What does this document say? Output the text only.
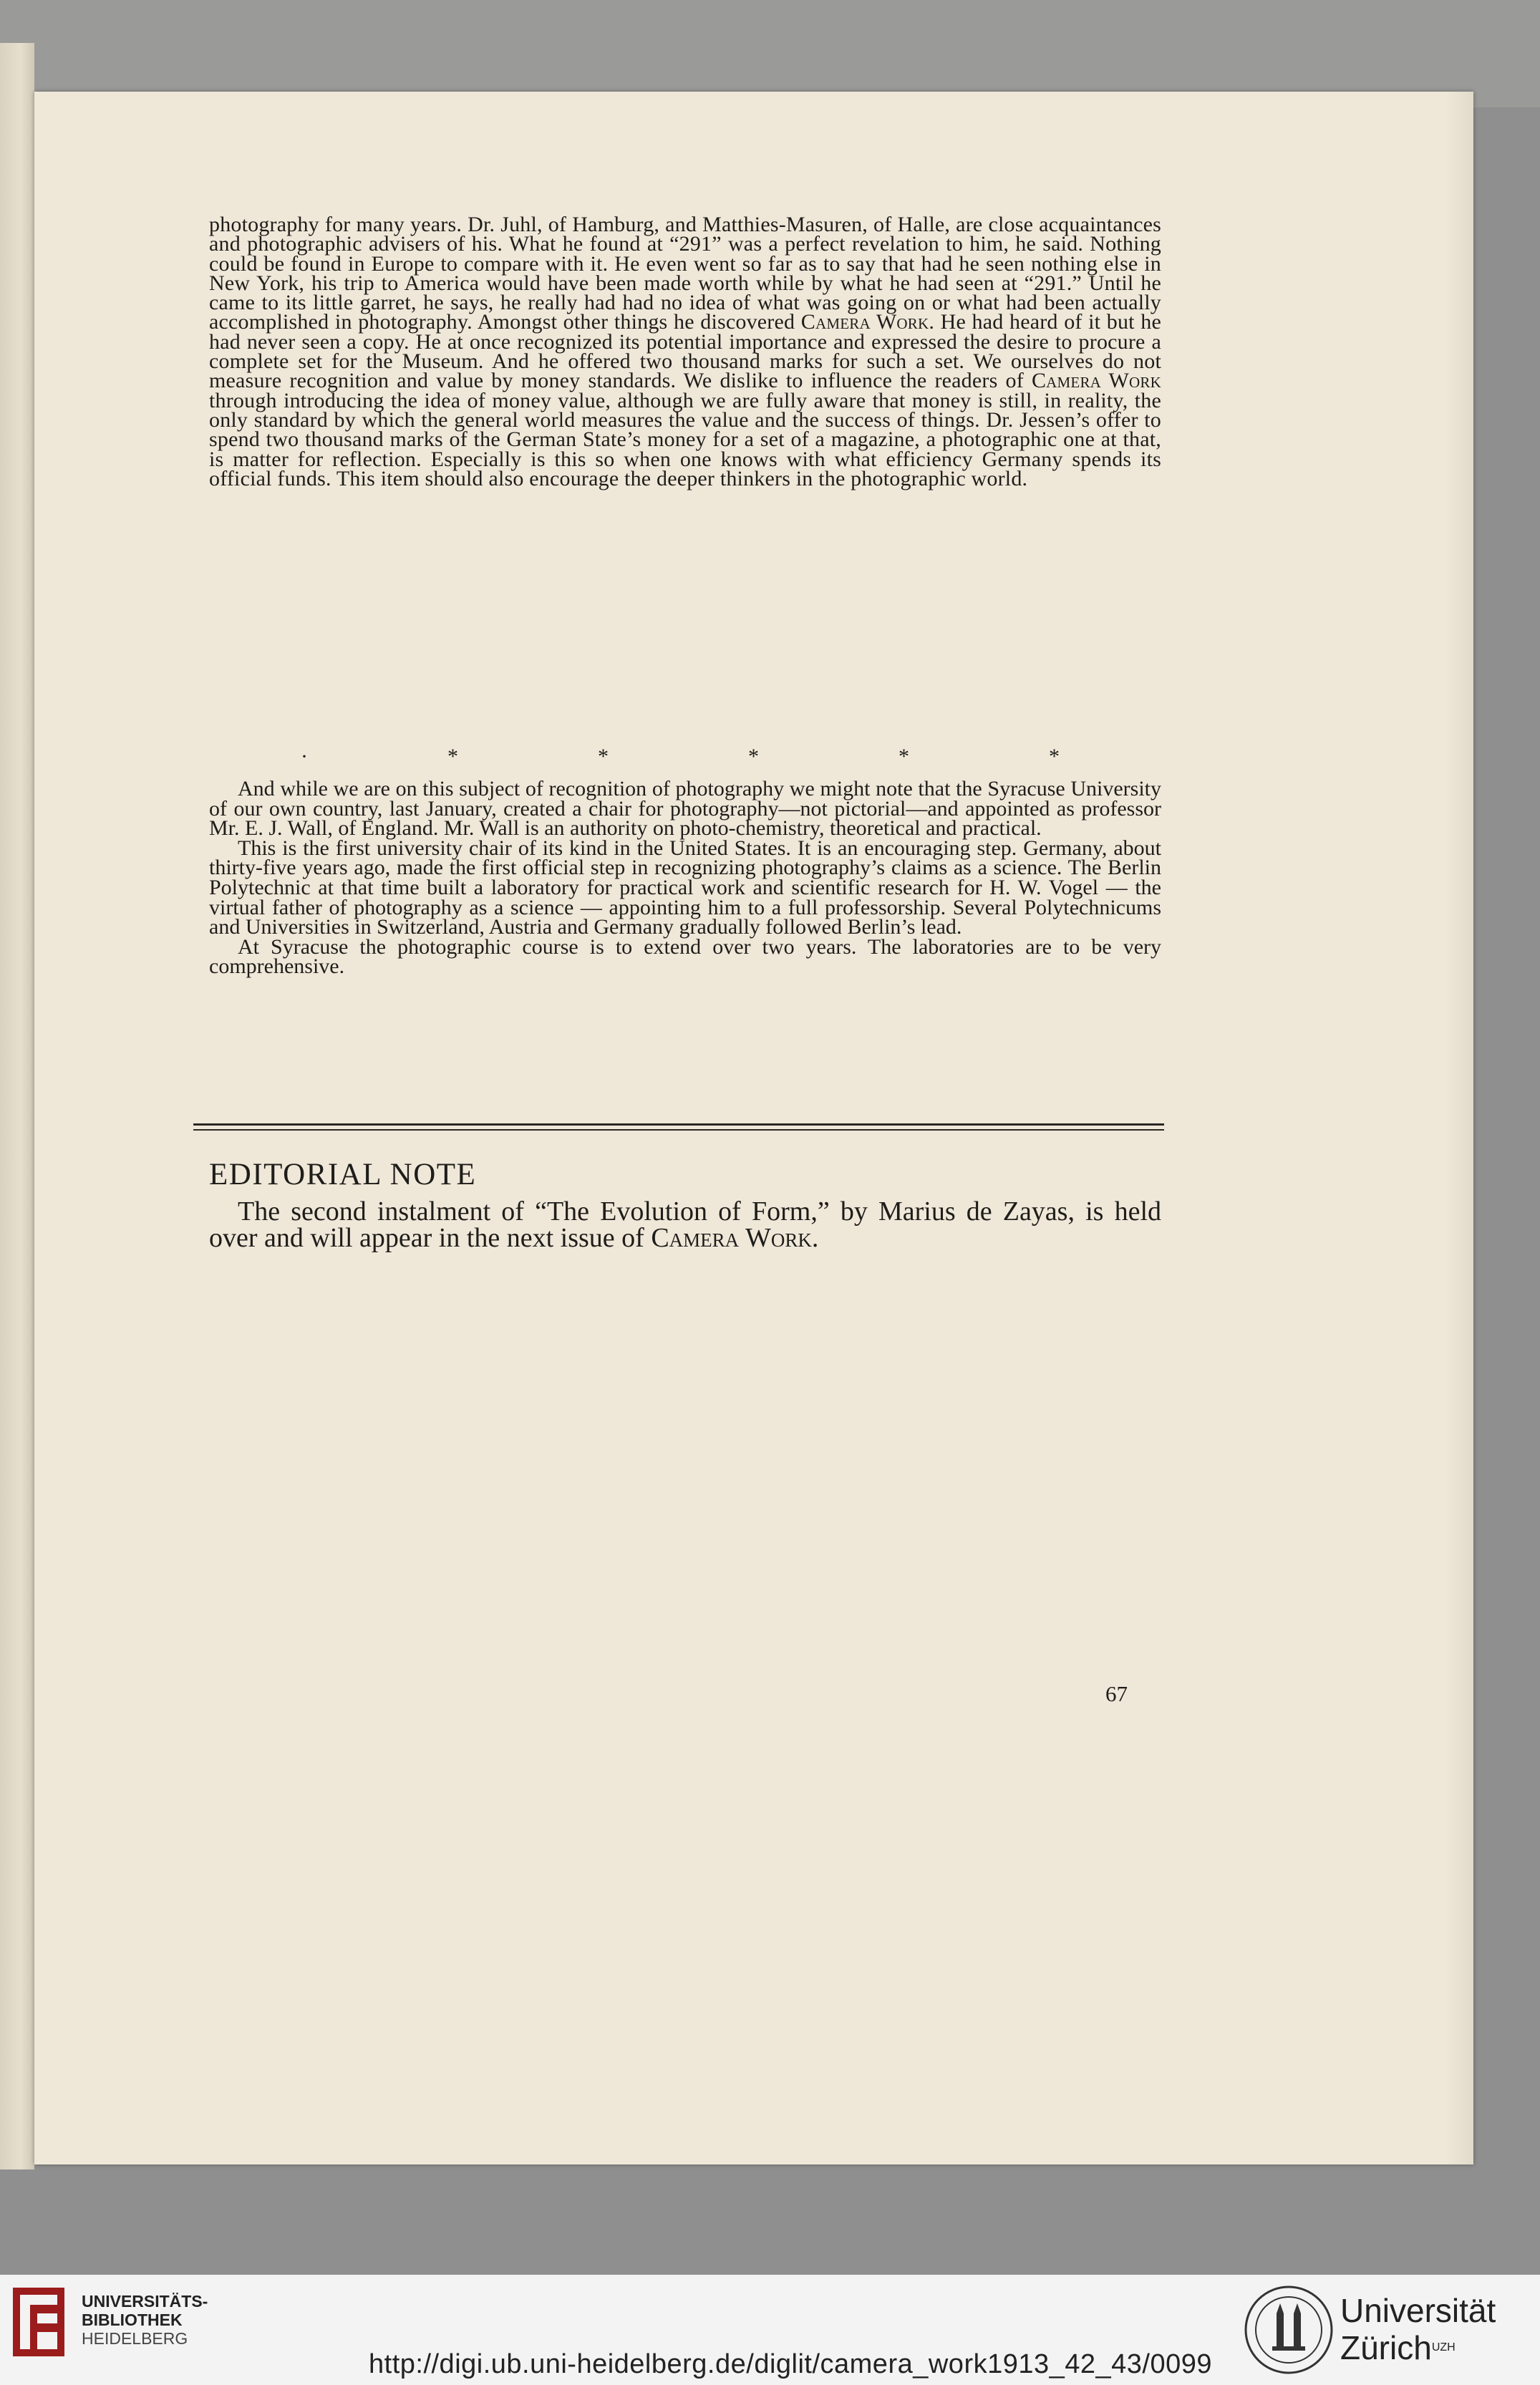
photography for many years. Dr. Juhl, of Hamburg, and Matthies-Masuren, of Halle, are close acquaintances and photographic advisers of his. What he found at “291” was a perfect revelation to him, he said. Nothing could be found in Europe to compare with it. He even went so far as to say that had he seen nothing else in New York, his trip to America would have been made worth while by what he had seen at “291.” Until he came to its little garret, he says, he really had had no idea of what was going on or what had been actually accomplished in photography. Amongst other things he discovered Camera Work. He had heard of it but he had never seen a copy. He at once recognized its potential importance and expressed the desire to procure a complete set for the Museum. And he offered two thousand marks for such a set. We ourselves do not measure recognition and value by money standards. We dislike to influence the readers of Camera Work through introducing the idea of money value, although we are fully aware that money is still, in reality, the only standard by which the general world measures the value and the success of things. Dr. Jessen’s offer to spend two thousand marks of the German State’s money for a set of a magazine, a photographic one at that, is matter for reflection. Especially is this so when one knows with what efficiency Germany spends its official funds. This item should also encourage the deeper thinkers in the photographic world.

·	*	*	*	*	*

And while we are on this subject of recognition of photography we might note that the Syracuse University of our own country, last January, created a chair for photography—not pictorial—and appointed as professor Mr. E. J. Wall, of England. Mr. Wall is an authority on photo-chemistry, theoretical and practical.

This is the first university chair of its kind in the United States. It is an encouraging step. Germany, about thirty-five years ago, made the first official step in recognizing photography’s claims as a science. The Berlin Polytechnic at that time built a laboratory for practical work and scientific research for H. W. Vogel — the virtual father of photography as a science — appointing him to a full professorship. Several Polytechnicums and Universities in Switzerland, Austria and Germany gradually followed Berlin’s lead.

At Syracuse the photographic course is to extend over two years. The laboratories are to be very comprehensive.

EDITORIAL NOTE

The second instalment of “The Evolution of Form,” by Marius de Zayas, is held over and will appear in the next issue of Camera Work.

67
UNIVERSITÄTS-
BIBLIOTHEK
HEIDELBERG
http://digi.ub.uni-heidelberg.de/diglit/camera_work1913_42_43/0099
Universität
Zürich$^{UZH}$
